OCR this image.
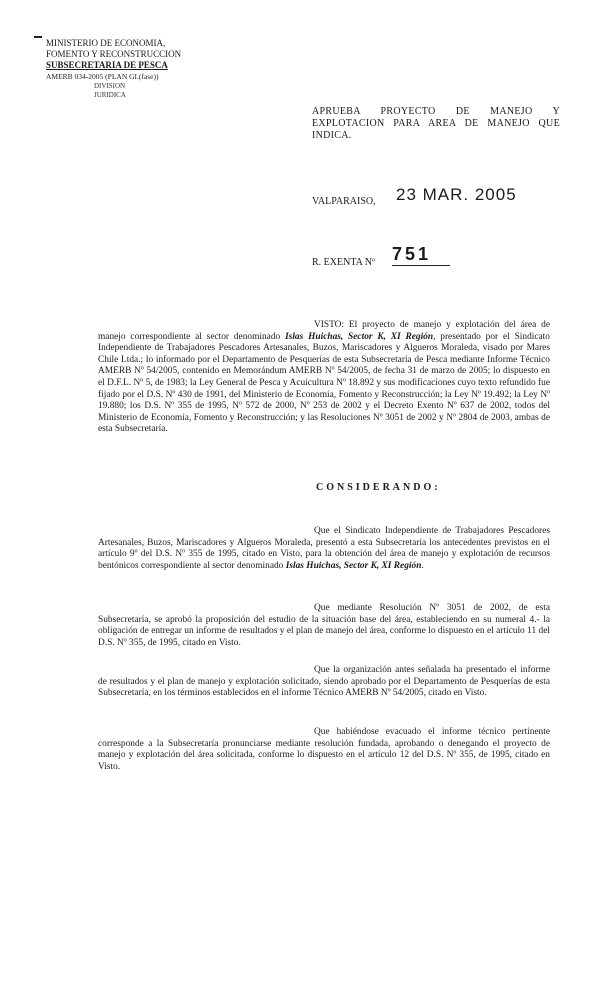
MINISTERIO DE ECONOMIA,
FOMENTO Y RECONSTRUCCION
SUBSECRETARIA DE PESCA
AMERB 034-2005 (PLAN GI.(fase))
DIVISION
JURIDICA
APRUEBA PROYECTO DE MANEJO Y EXPLOTACION PARA AREA DE MANEJO QUE INDICA.
VALPARAISO, 23 MAR. 2005
R. EXENTA Nº 751
VISTO: El proyecto de manejo y explotación del área de manejo correspondiente al sector denominado Islas Huichas, Sector K, XI Región, presentado por el Sindicato Independiente de Trabajadores Pescadores Artesanales, Buzos, Mariscadores y Algueros Moraleda, visado por Mares Chile Ltda.; lo informado por el Departamento de Pesquerías de esta Subsecretaría de Pesca mediante Informe Técnico AMERB Nº 54/2005, contenido en Memorándum AMERB Nº 54/2005, de fecha 31 de marzo de 2005; lo dispuesto en el D.F.L. Nº 5, de 1983; la Ley General de Pesca y Acuicultura Nº 18.892 y sus modificaciones cuyo texto refundido fue fijado por el D.S. Nº 430 de 1991, del Ministerio de Economía, Fomento y Reconstrucción; la Ley Nº 19.492; la Ley Nº 19.880; los D.S. Nº 355 de 1995, Nº 572 de 2000, Nº 253 de 2002 y el Decreto Exento Nº 637 de 2002, todos del Ministerio de Economía, Fomento y Reconstrucción; y las Resoluciones Nº 3051 de 2002 y Nº 2804 de 2003, ambas de esta Subsecretaría.
CONSIDERANDO:
Que el Sindicato Independiente de Trabajadores Pescadores Artesanales, Buzos, Mariscadores y Algueros Moraleda, presentó a esta Subsecretaría los antecedentes previstos en el artículo 9º del D.S. Nº 355 de 1995, citado en Visto, para la obtención del área de manejo y explotación de recursos bentónicos correspondiente al sector denominado Islas Huichas, Sector K, XI Región.
Que mediante Resolución Nº 3051 de 2002, de esta Subsecretaría, se aprobó la proposición del estudio de la situación base del área, estableciendo en su numeral 4.- la obligación de entregar un informe de resultados y el plan de manejo del área, conforme lo dispuesto en el artículo 11 del D.S. Nº 355, de 1995, citado en Visto.
Que la organización antes señalada ha presentado el informe de resultados y el plan de manejo y explotación solicitado, siendo aprobado por el Departamento de Pesquerías de esta Subsecretaría, en los términos establecidos en el informe Técnico AMERB Nº 54/2005, citado en Visto.
Que habiéndose evacuado el informe técnico pertinente corresponde a la Subsecretaría pronunciarse mediante resolución fundada, aprobando o denegando el proyecto de manejo y explotación del área solicitada, conforme lo dispuesto en el artículo 12 del D.S. Nº 355, de 1995, citado en Visto.
